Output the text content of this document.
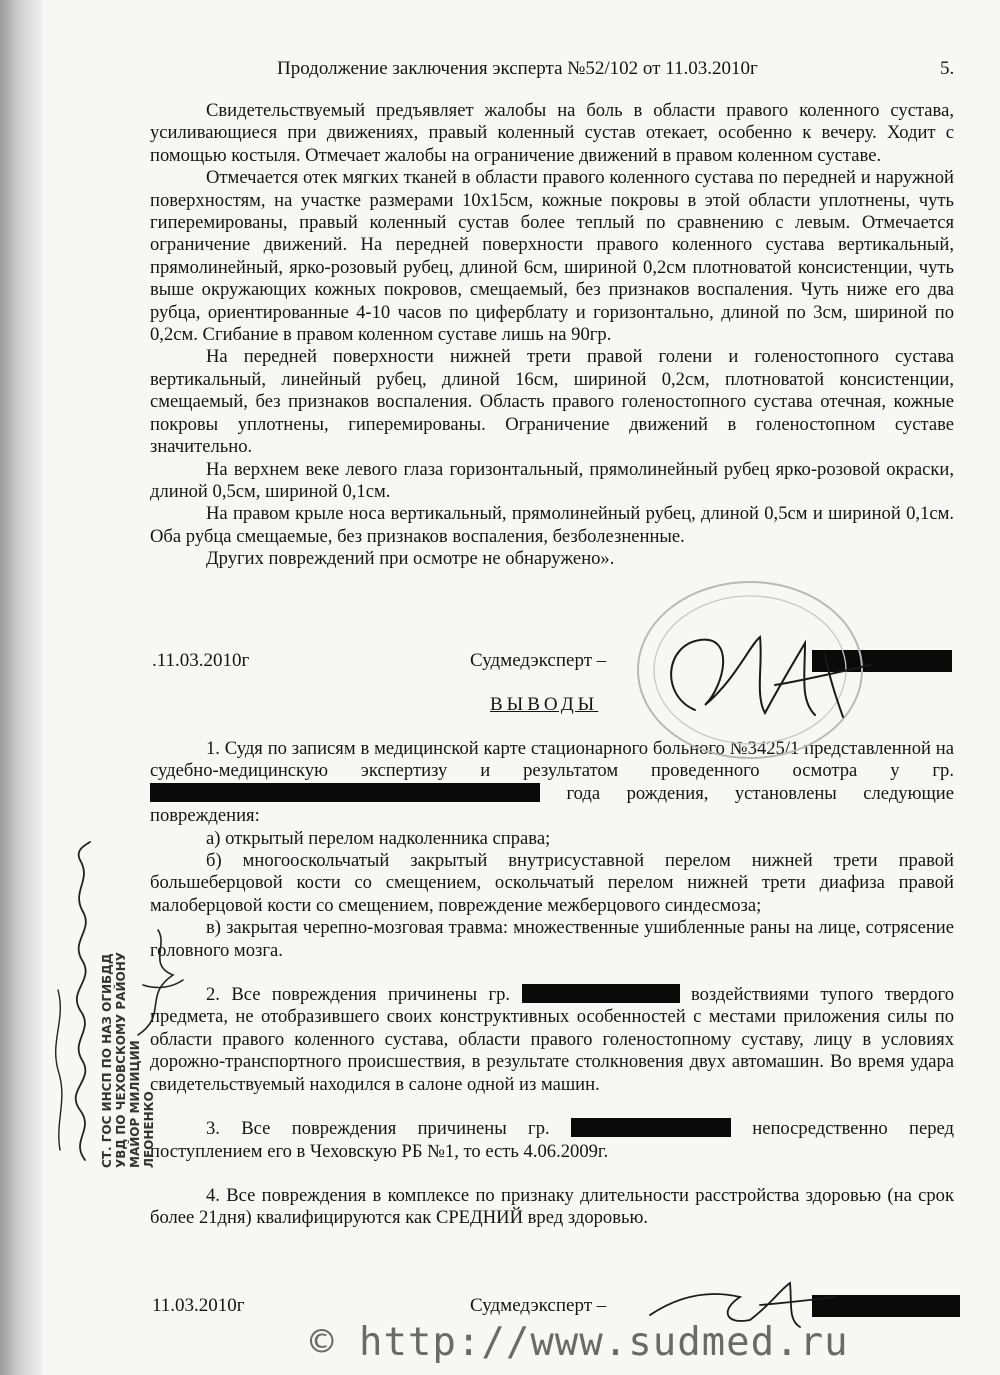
Продолжение заключения эксперта №52/102 от 11.03.2010г	5.

Свидетельствуемый предъявляет жалобы на боль в области правого коленного сустава, усиливающиеся при движениях, правый коленный сустав отекает, особенно к вечеру. Ходит с помощью костыля. Отмечает жалобы на ограничение движений в правом коленном суставе.

Отмечается отек мягких тканей в области правого коленного сустава по передней и наружной поверхностям, на участке размерами 10х15см, кожные покровы в этой области уплотнены, чуть гиперемированы, правый коленный сустав более теплый по сравнению с левым. Отмечается ограничение движений. На передней поверхности правого коленного сустава вертикальный, прямолинейный, ярко-розовый рубец, длиной 6см, шириной 0,2см плотноватой консистенции, чуть выше окружающих кожных покровов, смещаемый, без признаков воспаления. Чуть ниже его два рубца, ориентированные 4-10 часов по циферблату и горизонтально, длиной по 3см, шириной по 0,2см. Сгибание в правом коленном суставе лишь на 90гр.

На передней поверхности нижней трети правой голени и голеностопного сустава вертикальный, линейный рубец, длиной 16см, шириной 0,2см, плотноватой консистенции, смещаемый, без признаков воспаления. Область правого голеностопного сустава отечная, кожные покровы уплотнены, гиперемированы. Ограничение движений в голеностопном суставе значительно.

На верхнем веке левого глаза горизонтальный, прямолинейный рубец ярко-розовой окраски, длиной 0,5см, шириной 0,1см.

На правом крыле носа вертикальный, прямолинейный рубец, длиной 0,5см и шириной 0,1см. Оба рубца смещаемые, без признаков воспаления, безболезненные.

Других повреждений при осмотре не обнаружено».

.11.03.2010г	Судмедэксперт –
ВЫВОДЫ

1. Судя по записям в медицинской карте стационарного больного №3425/1 представленной на судебно-медицинскую экспертизу и результатом проведенного осмотра у гр.  года рождения, установлены следующие повреждения:

а) открытый перелом надколенника справа;

б) многооскольчатый закрытый внутрисуставной перелом нижней трети правой большеберцовой кости со смещением, оскольчатый перелом нижней трети диафиза правой малоберцовой кости со смещением, повреждение межберцового синдесмоза;

в) закрытая черепно-мозговая травма: множественные ушибленные раны на лице, сотрясение головного мозга.

2. Все повреждения причинены гр.	воздействиями тупого твердого предмета, не отобразившего своих конструктивных особенностей с местами приложения силы по области правого коленного сустава, области правого голеностопному суставу, лицу в условиях дорожно-транспортного происшествия, в результате столкновения двух автомашин. Во время удара свидетельствуемый находился в салоне одной из машин.

3. Все повреждения причинены гр.	непосредственно перед поступлением его в Чеховскую РБ №1, то есть 4.06.2009г.

4. Все повреждения в комплексе по признаку длительности расстройства здоровью (на срок более 21дня) квалифицируются как СРЕДНИЙ вред здоровью.

11.03.2010г	Судмедэксперт –
СТ. ГОС ИНСП ПО НАЗ ОГИБДД УВД ПО ЧЕХОВСКОМУ РАЙОНУ МАЙОР МИЛИЦИИ ЛЕОНЕНКО
© http://www.sudmed.ru
